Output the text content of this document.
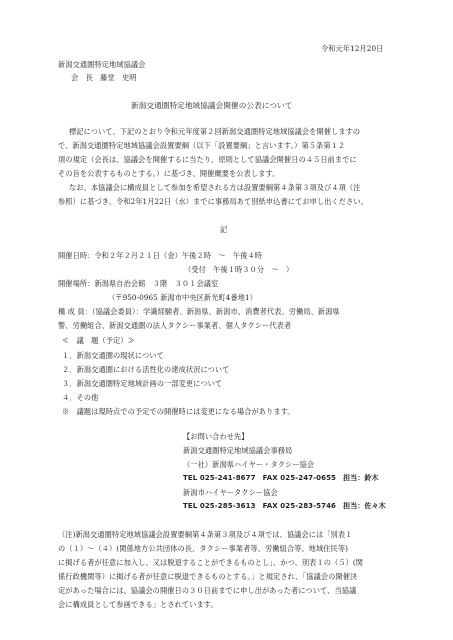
令和元年12月20日
新潟交通圏特定地域協議会
会　長　藤堂　史明
新潟交通圏特定地域協議会開催の公表について
標記について、下記のとおり令和元年度第２回新潟交通圏特定地域協議会を開催しますの
で、新潟交通圏特定地域協議会設置要綱（以下「設置要綱」と言います。）第５条第１２
項の規定（会長は、協議会を開催するに当たり、原則として協議会開催日の４５日前までに
その旨を公表するものとする。）に基づき、開催概要を公表します。
なお、本協議会に構成員として参加を希望される方は設置要綱第４条第３項及び４項（注
参照）に基づき、令和2年1月22日（水）までに事務局あて別紙申込書にてお申し出ください。
記
開催日時：令和２年２月２１日（金）午後２時　～　午後４時
（受付　午後１時３０分　～　）
開催場所：新潟県自治会館　３階　３０１会議室
（〒950-0965 新潟市中央区新光町4番地1）
構 成 員：（協議会委員）：学識経験者、新潟県、新潟市、消費者代表、労働局、新潟県
警、労働組合、新潟交通圏の法人タクシー事業者、個人タクシー代表者
≪　議　題（予定）≫
１．新潟交通圏の現状について
２．新潟交通圏における活性化の達成状況について
３．新潟交通圏特定地域計画の一部変更について
４．その他
※　議題は現時点での予定での開催時には変更になる場合があります。
【お問い合わせ先】
新潟交通圏特定地域協議会事務局
（一社）新潟県ハイヤー・タクシー協会
TEL 025-241-8677　FAX 025-247-0655　担当：鈴木
新潟市ハイヤータクシー協会
TEL 025-285-3613　FAX 025-283-5746　担当：佐々木
（注)新潟交通圏特定地域協議会設置要綱第４条第３項及び４項では、協議会には「別表１
の（１）～（４）(関係地方公共団体の長、タクシー事業者等、労働組合等、地域住民等)
に掲げる者が任意に加入し、又は脱退することができるものとし」、かつ、別表１の（５）(関
係行政機関等）に掲げる者が任意に脱退できるものとする。」と規定され、「協議会の開催決
定があった場合には、協議会の開催日の３０日前までに申し出があった者について、当協議
会に構成員として参画できる」とされています。
